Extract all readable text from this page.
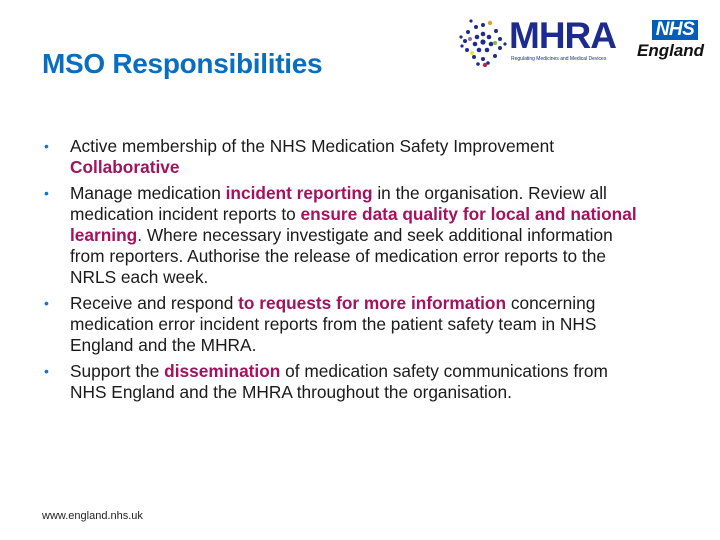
MSO Responsibilities
MHRA
Regulating Medicines and Medical Devices
NHS
England
• Active membership of the NHS Medication Safety Improvement Collaborative
• Manage medication incident reporting in the organisation. Review all medication incident reports to ensure data quality for local and national learning. Where necessary investigate and seek additional information from reporters. Authorise the release of medication error reports to the NRLS each week.
• Receive and respond to requests for more information concerning medication error incident reports from the patient safety team in NHS England and the MHRA.
• Support the dissemination of medication safety communications from NHS England and the MHRA throughout the organisation.
www.england.nhs.uk
